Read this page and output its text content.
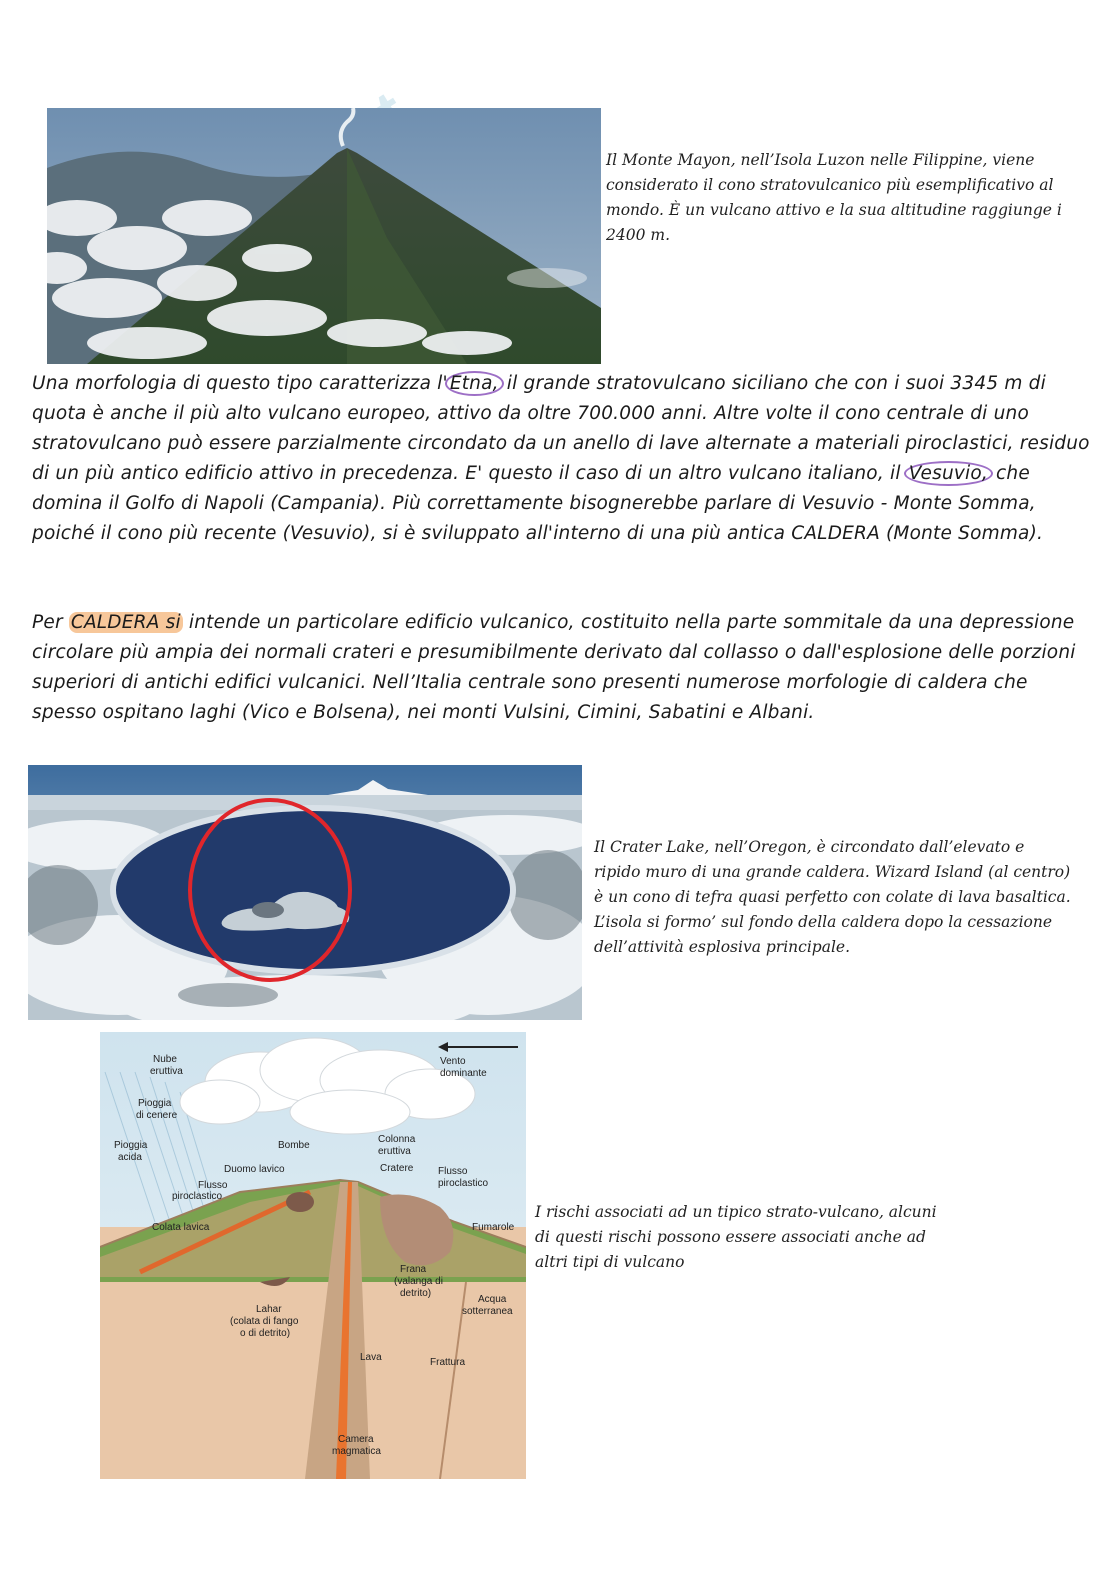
Il Monte Mayon, nell’Isola Luzon nelle Filippine, viene considerato il cono stratovulcanico più esemplificativo al mondo. È un vulcano attivo e la sua altitudine raggiunge i 2400 m.
Una morfologia di questo tipo caratterizza l' Etna, il grande stratovulcano siciliano che con i suoi 3345 m di quota è anche il più alto vulcano europeo, attivo da oltre 700.000 anni. Altre volte il cono centrale di uno stratovulcano può essere parzialmente circondato da un anello di lave alternate a materiali piroclastici, residuo di un più antico edificio attivo in precedenza. E' questo il caso di un altro vulcano italiano, il Vesuvio, che domina il Golfo di Napoli (Campania). Più correttamente bisognerebbe parlare di Vesuvio - Monte Somma, poiché il cono più recente (Vesuvio), si è sviluppato all'interno di una più antica CALDERA (Monte Somma).
Per CALDERA si intende un particolare edificio vulcanico, costituito nella parte sommitale da una depressione circolare più ampia dei normali crateri e presumibilmente derivato dal collasso o dall'esplosione delle porzioni superiori di antichi edifici vulcanici. Nell’Italia centrale sono presenti numerose morfologie di caldera che spesso ospitano laghi (Vico e Bolsena), nei monti Vulsini, Cimini, Sabatini e Albani.
Il Crater Lake, nell’Oregon, è circondato dall’elevato e ripido muro di una grande caldera. Wizard Island (al centro) è un cono di tefra quasi perfetto con colate di lava basaltica. L’isola si formo’ sul fondo della caldera dopo la cessazione dell’attività esplosiva principale.
Nube
eruttiva
Vento
dominante
Pioggia
di cenere
Pioggia
acida
Bombe
Colonna
eruttiva
Duomo lavico	Cratere Flusso
piroclastico
Flusso
piroclastico
Colata lavica	Fumarole
Frana
(valanga di
detrito)
Acqua
sotterranea
Lahar
(colata di fango
o di detrito)
Lava	Frattura
Camera
magmatica
I rischi associati ad un tipico strato-vulcano, alcuni di questi rischi possono essere associati anche ad altri tipi di vulcano
